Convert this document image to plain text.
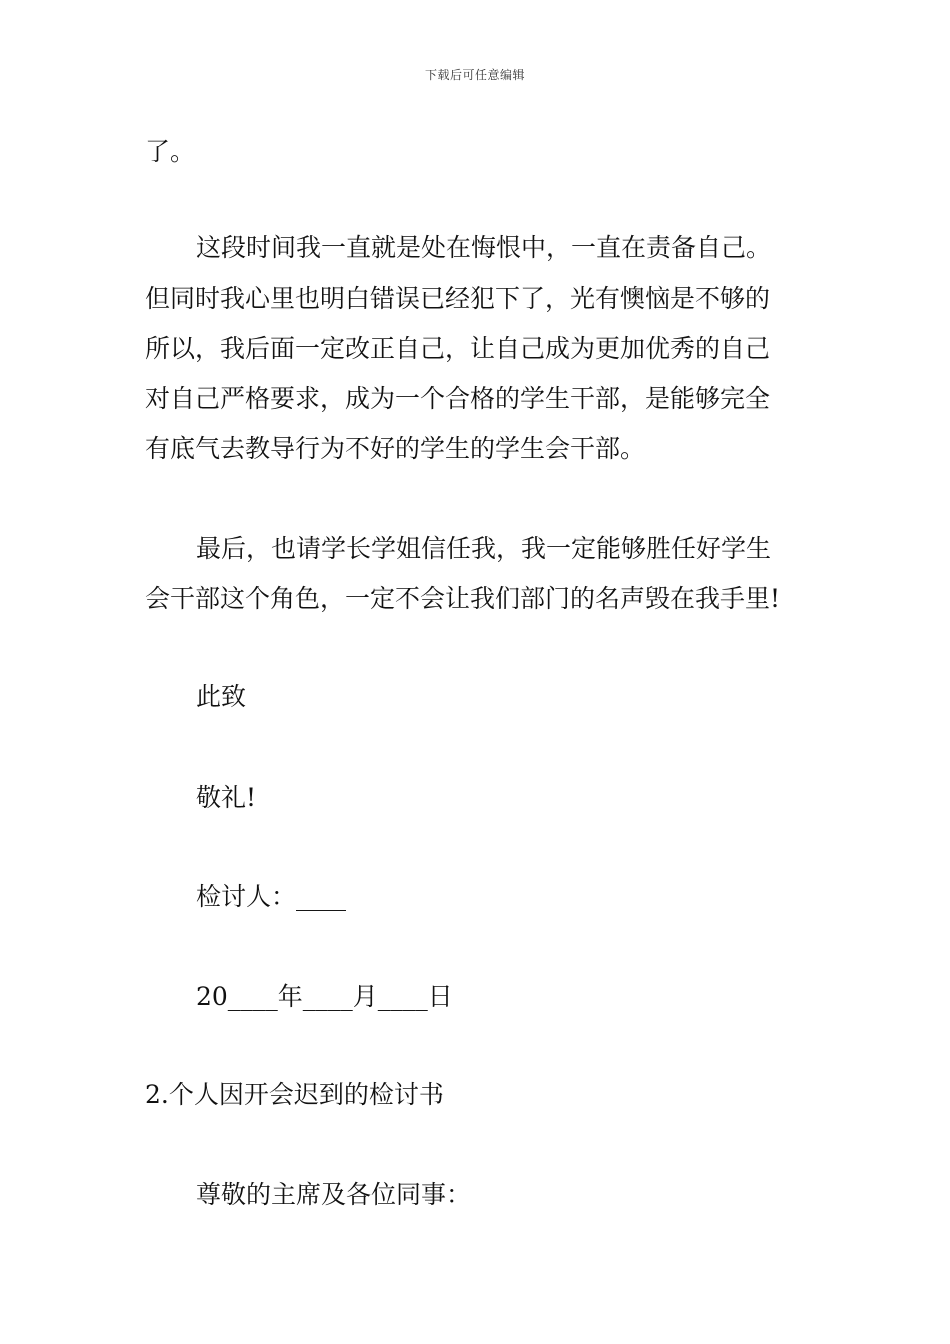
下载后可任意编辑
了。
这段时间我一直就是处在悔恨中，一直在责备自己。
但同时我心里也明白错误已经犯下了，光有懊恼是不够的
所以，我后面一定改正自己，让自己成为更加优秀的自己
对自己严格要求，成为一个合格的学生干部，是能够完全
有底气去教导行为不好的学生的学生会干部。
最后，也请学长学姐信任我，我一定能够胜任好学生
会干部这个角色，一定不会让我们部门的名声毁在我手里!
此致
敬礼!
检讨人：____
20____年____月____日
2.个人因开会迟到的检讨书
尊敬的主席及各位同事：
